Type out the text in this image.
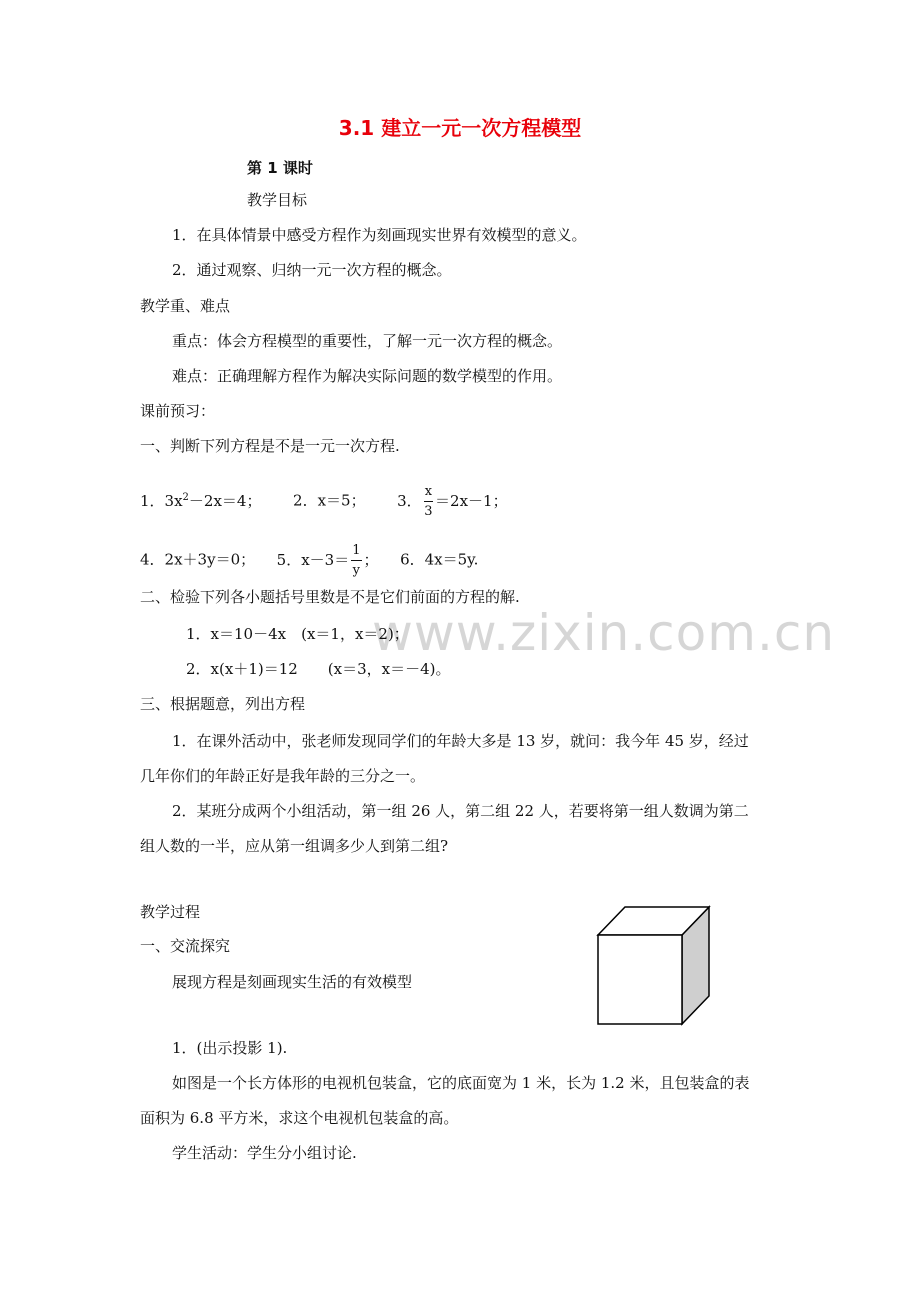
www.zixin.com.cn
3.1 建立一元一次方程模型
第 1 课时
教学目标
1．在具体情景中感受方程作为刻画现实世界有效模型的意义。
2．通过观察、归纳一元一次方程的概念。
教学重、难点
重点：体会方程模型的重要性，了解一元一次方程的概念。
难点：正确理解方程作为解决实际问题的数学模型的作用。
课前预习：
一、判断下列方程是不是一元一次方程.
1．$3x^2-2x=4$； 2．x＝5； 3． $\frac{x}{3} =2x-1$；
4．2x＋3y＝0； 5．$x-3= \frac{1}{y}$ ； 6．4x＝5y.
二、检验下列各小题括号里数是不是它们前面的方程的解.
1．x＝10－4x　(x＝1，x＝2)；
2．x(x＋1)＝12　　(x＝3，x＝－4)。
三、根据题意，列出方程
1．在课外活动中，张老师发现同学们的年龄大多是 13 岁，就问：我今年 45 岁，经过
几年你们的年龄正好是我年龄的三分之一。
2．某班分成两个小组活动，第一组 26 人，第二组 22 人，若要将第一组人数调为第二
组人数的一半，应从第一组调多少人到第二组?
教学过程
一、交流探究
展现方程是刻画现实生活的有效模型
1．(出示投影 1).
如图是一个长方体形的电视机包装盒，它的底面宽为 1 米，长为 1.2 米，且包装盒的表
面积为 6.8 平方米，求这个电视机包装盒的高。
学生活动：学生分小组讨论.
